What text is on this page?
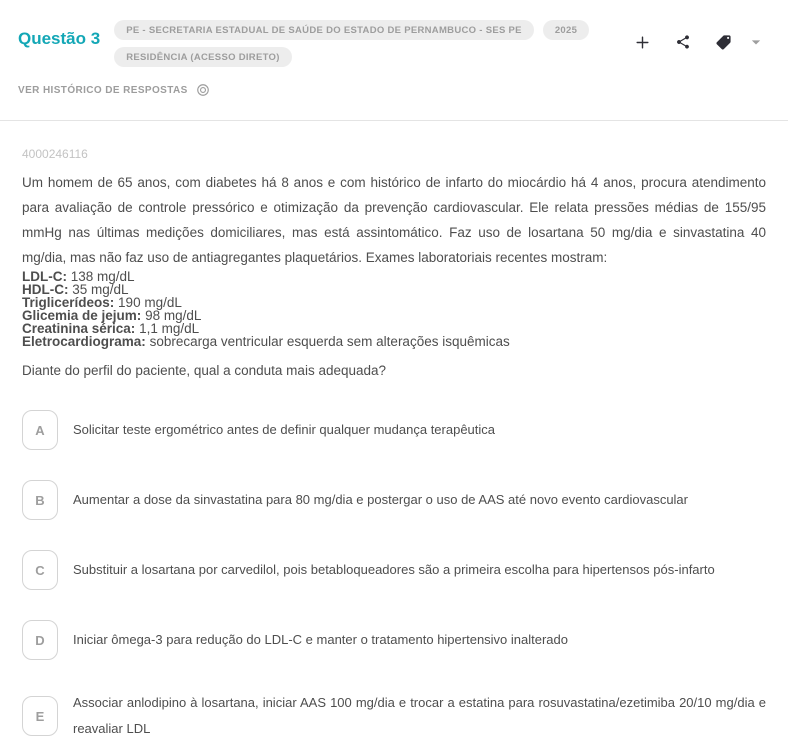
Questão 3	PE - SECRETARIA ESTADUAL DE SAÚDE DO ESTADO DE PERNAMBUCO - SES PE	2025
RESIDÊNCIA (ACESSO DIRETO)
VER HISTÓRICO DE RESPOSTAS
4000246116
Um homem de 65 anos, com diabetes há 8 anos e com histórico de infarto do miocárdio há 4 anos, procura atendimento para avaliação de controle pressórico e otimização da prevenção cardiovascular. Ele relata pressões médias de 155/95 mmHg nas últimas medições domiciliares, mas está assintomático. Faz uso de losartana 50 mg/dia e sinvastatina 40 mg/dia, mas não faz uso de antiagregantes plaquetários. Exames laboratoriais recentes mostram:
LDL-C: 138 mg/dL
HDL-C: 35 mg/dL
Triglicerídeos: 190 mg/dL
Glicemia de jejum: 98 mg/dL
Creatinina sérica: 1,1 mg/dL
Eletrocardiograma: sobrecarga ventricular esquerda sem alterações isquêmicas
Diante do perfil do paciente, qual a conduta mais adequada?
A	Solicitar teste ergométrico antes de definir qualquer mudança terapêutica
B	Aumentar a dose da sinvastatina para 80 mg/dia e postergar o uso de AAS até novo evento cardiovascular
C	Substituir a losartana por carvedilol, pois betabloqueadores são a primeira escolha para hipertensos pós-infarto
D	Iniciar ômega-3 para redução do LDL-C e manter o tratamento hipertensivo inalterado
E
Associar anlodipino à losartana, iniciar AAS 100 mg/dia e trocar a estatina para rosuvastatina/ezetimiba 20/10 mg/dia e reavaliar LDL
